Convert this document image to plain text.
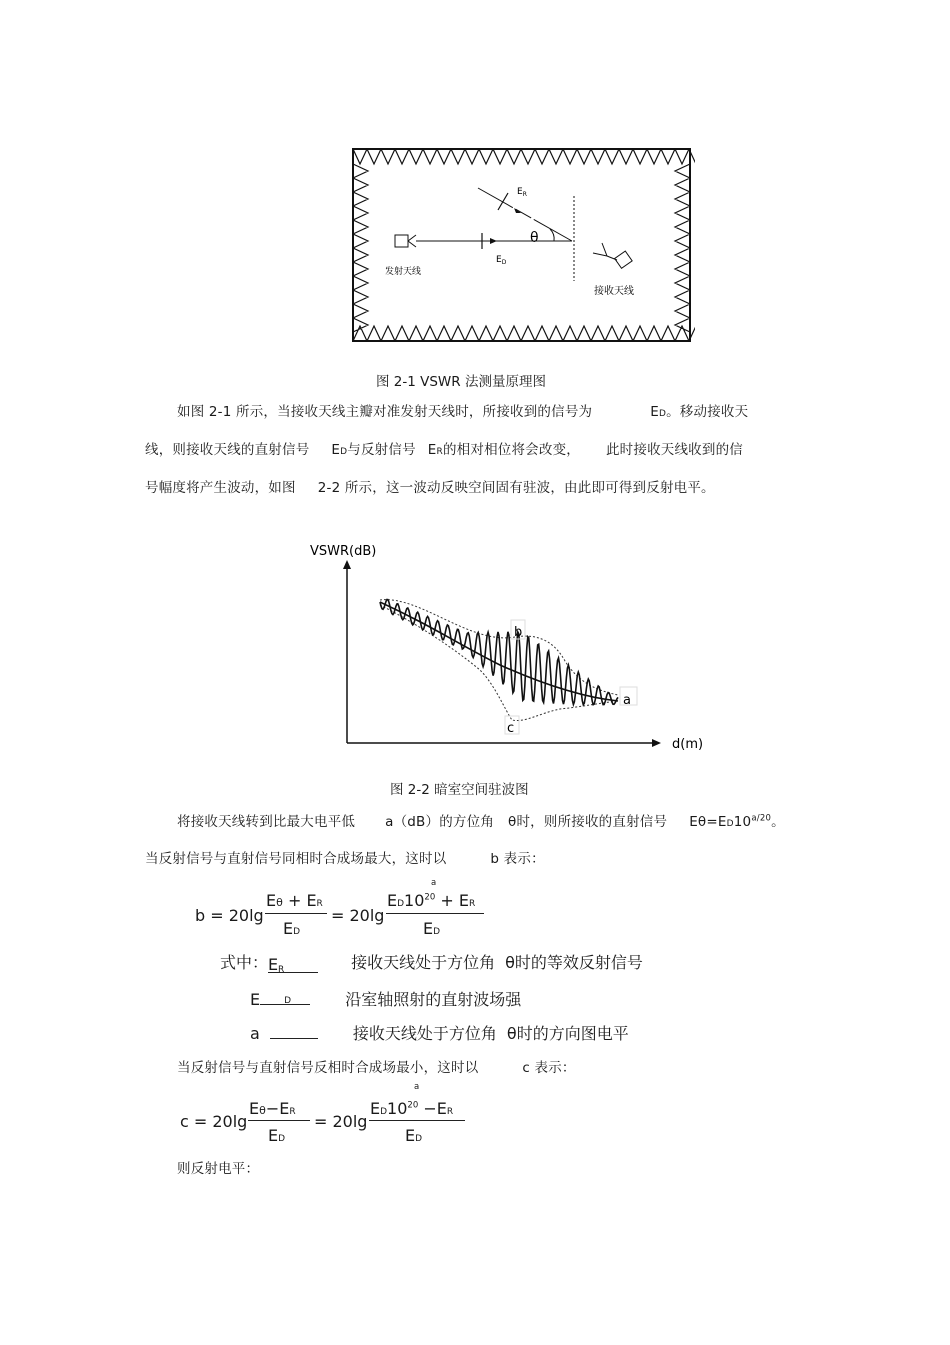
$E_R$
θ
$E_D$
发射天线
接收天线
图 2-1 VSWR 法测量原理图
如图 2-1 所示，当接收天线主瓣对准发射天线时，所接收到的信号为	ED。移动接收天
线，则接收天线的直射信号 ED与反射信号 ER的相对相位将会改变， 此时接收天线收到的信
号幅度将产生波动，如图 2-2 所示，这一波动反映空间固有驻波，由此即可得到反射电平。
VSWR(dB)
d(m)
b
c
a
图 2-2 暗室空间驻波图
将接收天线转到比最大电平低 a（dB）的方位角 θ时，则所接收的直射信号 $E\theta=ED10^{a/20}$。
当反射信号与直射信号同相时合成场最大，这时以	b 表示：
b = 20lg
Eθ + ER
ED
= 20lg
a
$ED10^{20}$ + ER
ED
式中： E R	接收天线处于方位角 θ时的等效反射信号
E	D	沿室轴照射的直射波场强
a	接收天线处于方位角 θ时的方向图电平
当反射信号与直射信号反相时合成场最小，这时以	c 表示：
c = 20lg
Eθ−ER
ED
= 20lg
a
$ED10^{20} -ER$
ED
则反射电平：
